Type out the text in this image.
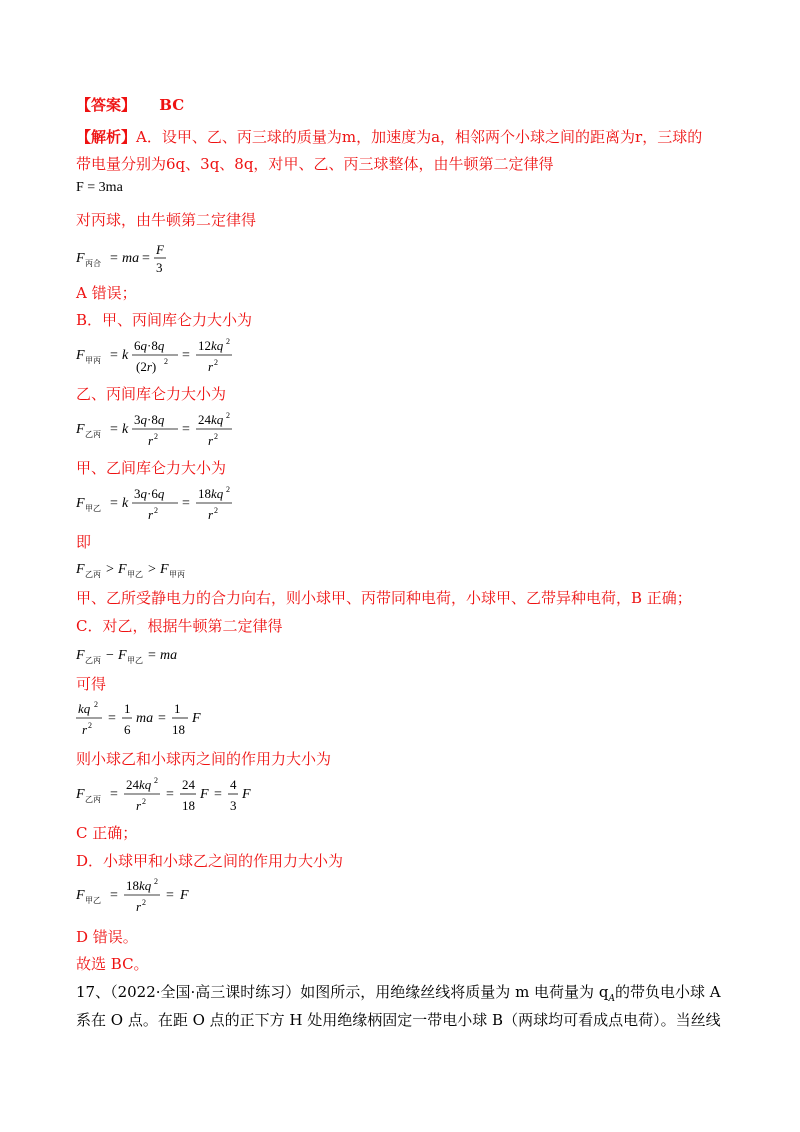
【答案】 BC
【解析】A．设甲、乙、丙三球的质量为m，加速度为a，相邻两个小球之间的距离为r，三球的
带电量分别为6q、3q、8q，对甲、乙、丙三球整体，由牛顿第二定律得
F = 3ma
对丙球，由牛顿第二定律得
F 丙合 = ma =
F
3
A 错误；
B．甲、丙间库仑力大小为
F 甲丙 = k
6q·8q
(2r) 2 =
12kq 2
r 2
乙、丙间库仑力大小为
F 乙丙 = k
3q·8q
r 2 =
24kq 2
r 2
甲、乙间库仑力大小为
F 甲乙 = k
3q·6q
r 2 =
18kq 2
r 2
即
F 乙丙 > F 甲乙 > F 甲丙
甲、乙所受静电力的合力向右，则小球甲、丙带同种电荷，小球甲、乙带异种电荷，B 正确；
C．对乙，根据牛顿第二定律得
F 乙丙 − F 甲乙 = ma
可得
kq 2
r 2 =
1
6
ma =
1
18
F
则小球乙和小球丙之间的作用力大小为
F 乙丙 =
24kq 2
r 2 =
24
18
F =
4
3
F
C 正确；
D．小球甲和小球乙之间的作用力大小为
F 甲乙 =
18kq 2
r 2 = F
D 错误。
故选 BC。
17、（2022·全国·高三课时练习）如图所示，用绝缘丝线将质量为 m 电荷量为 $q_A$的带负电小球 A
系在 O 点。在距 O 点的正下方 H 处用绝缘柄固定一带电小球 B（两球均可看成点电荷）。当丝线
